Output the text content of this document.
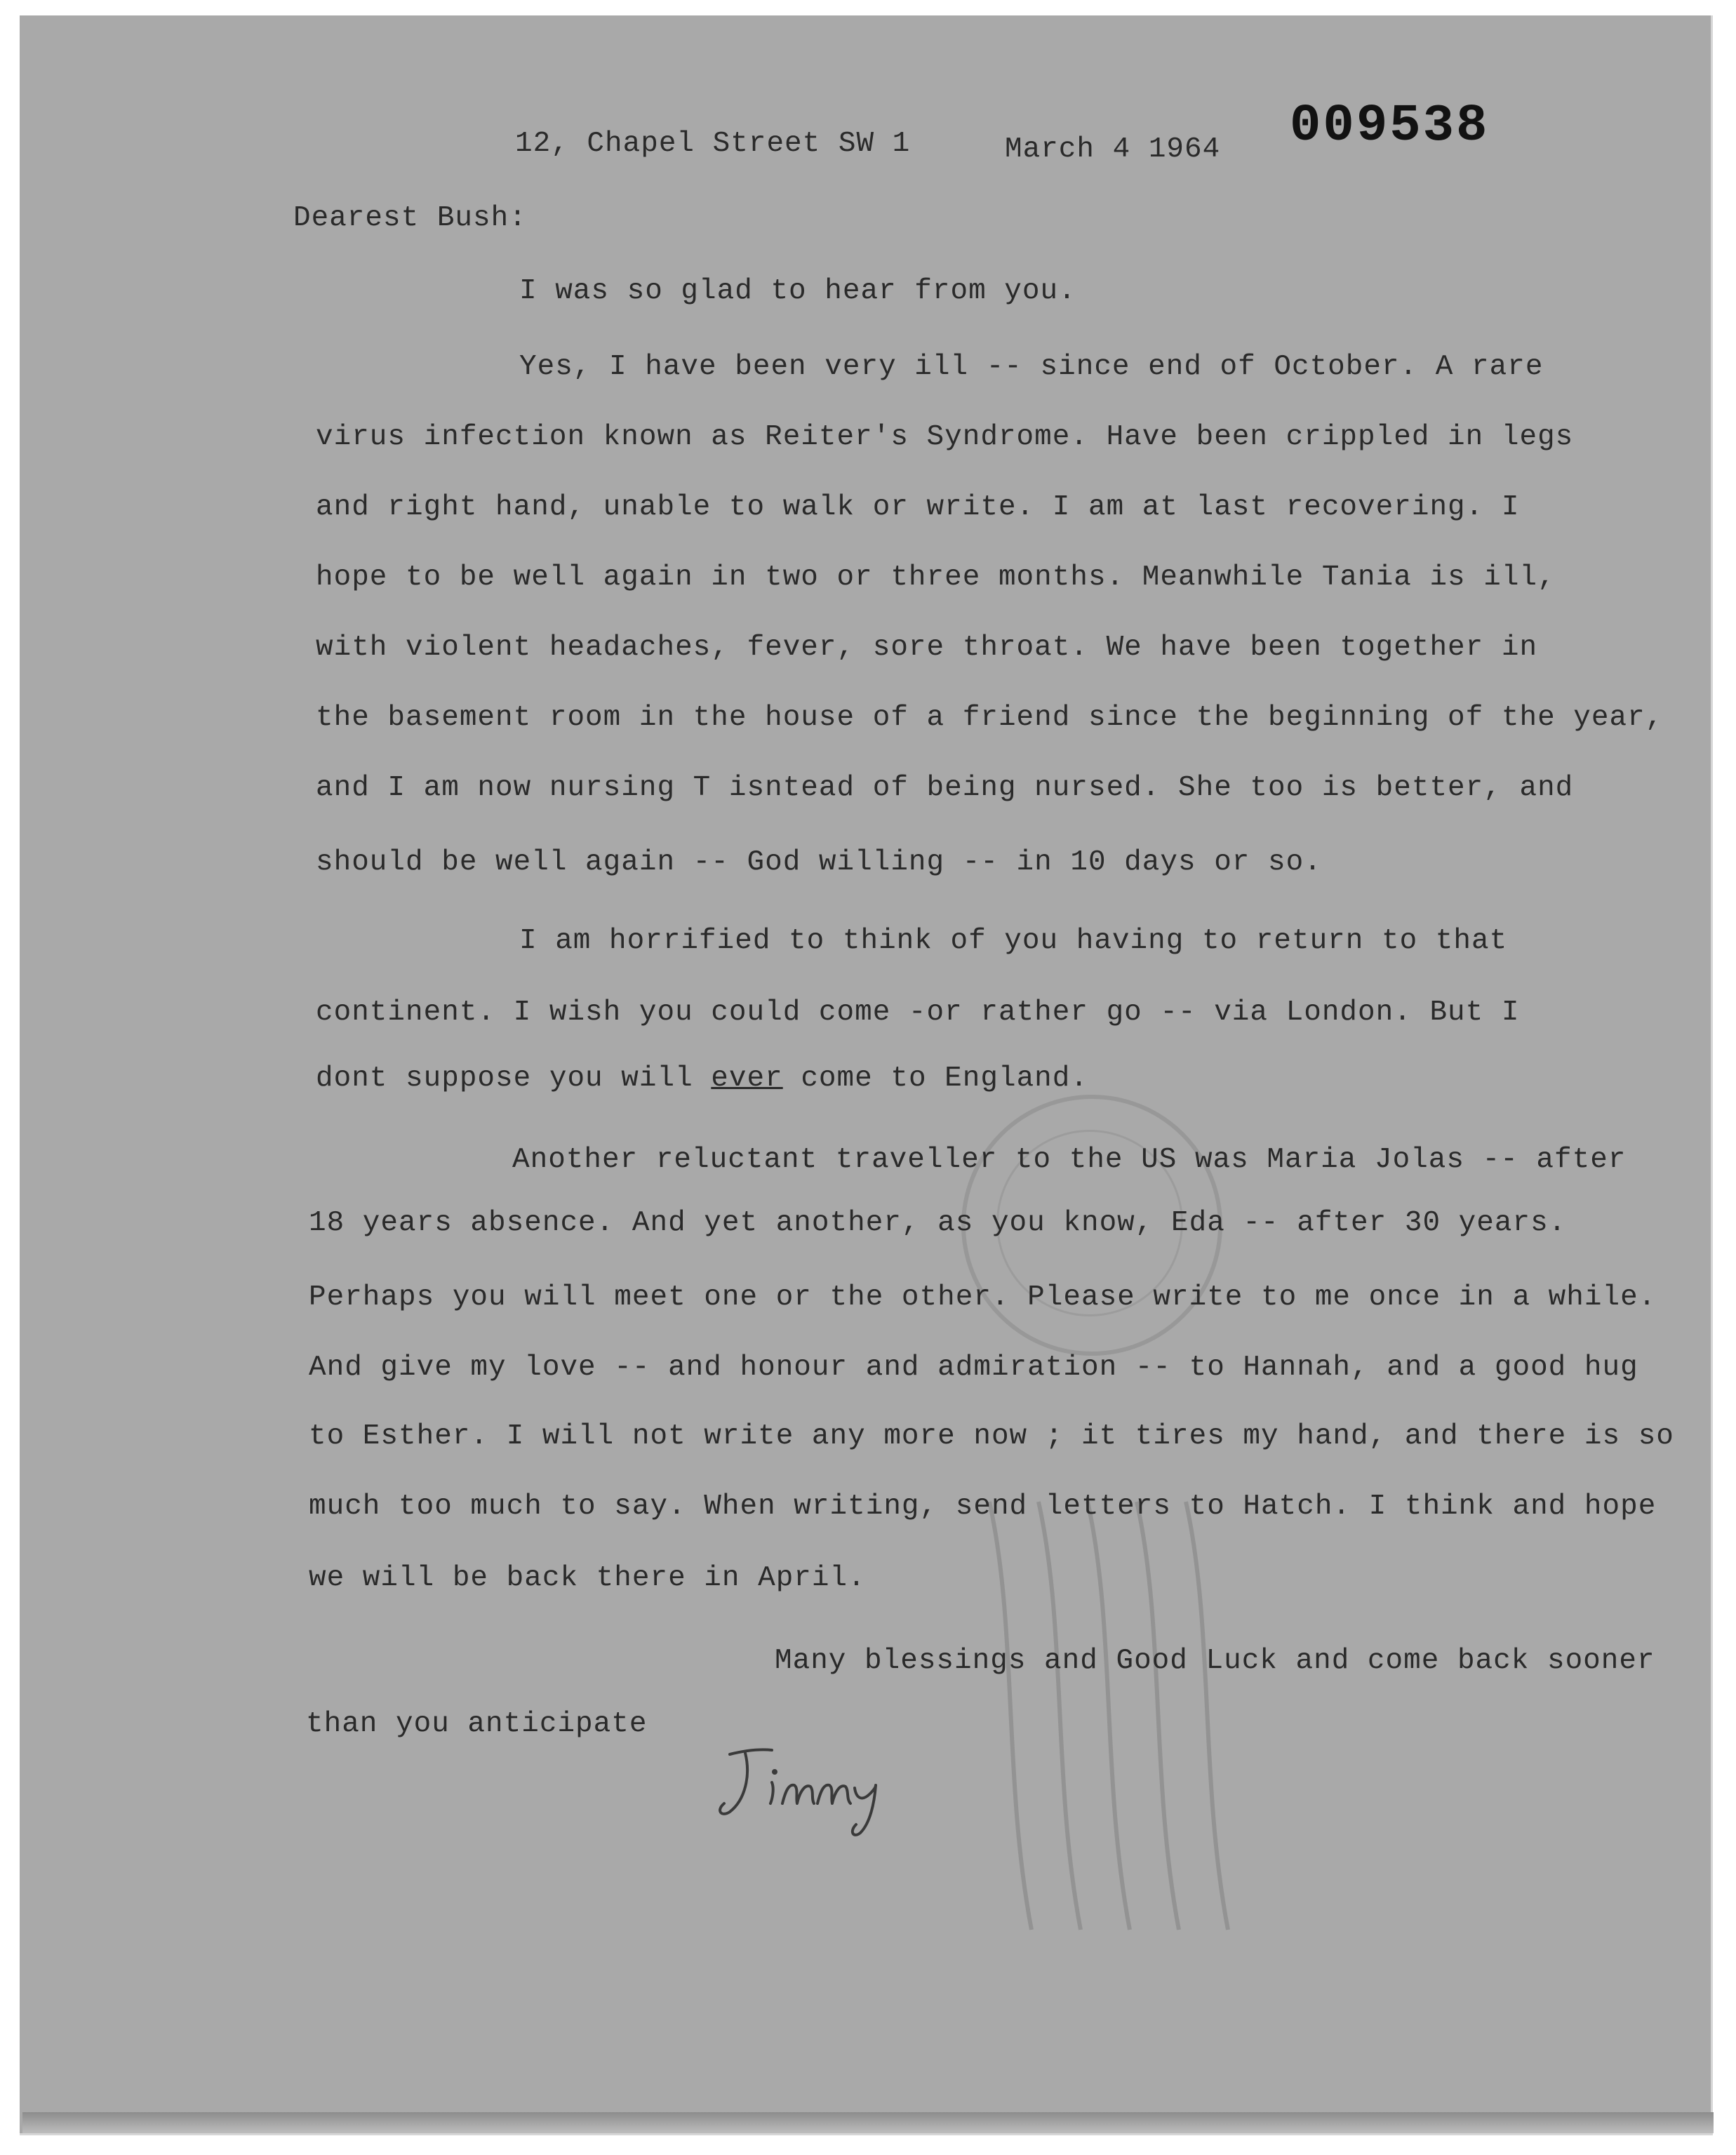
009538
12, Chapel Street SW 1	March 4 1964
Dearest Bush:
I was so glad to hear from you.
Yes, I have been very ill -- since end of October. A rare
virus infection known as Reiter's Syndrome. Have been crippled in legs
and right hand, unable to walk or write. I am at last recovering. I
hope to be well again in two or three months. Meanwhile Tania is ill,
with violent headaches, fever, sore throat. We have been together in
the basement room in the house of a friend since the beginning of the year,
and I am now nursing T isntead of being nursed. She too is better, and
should be well again -- God willing -- in 10 days or so.
I am horrified to think of you having to return to that
continent. I wish you could come -or rather go -- via London. But I
dont suppose you will ever come to England.
Another reluctant traveller to the US was Maria Jolas -- after
18 years absence. And yet another, as you know, Eda -- after 30 years.
Perhaps you will meet one or the other. Please write to me once in a while.
And give my love -- and honour and admiration -- to Hannah, and a good hug
to Esther. I will not write any more now ; it tires my hand, and there is so
much too much to say. When writing, send letters to Hatch. I think and hope
we will be back there in April.
Many blessings and Good Luck and come back sooner
than you anticipate
